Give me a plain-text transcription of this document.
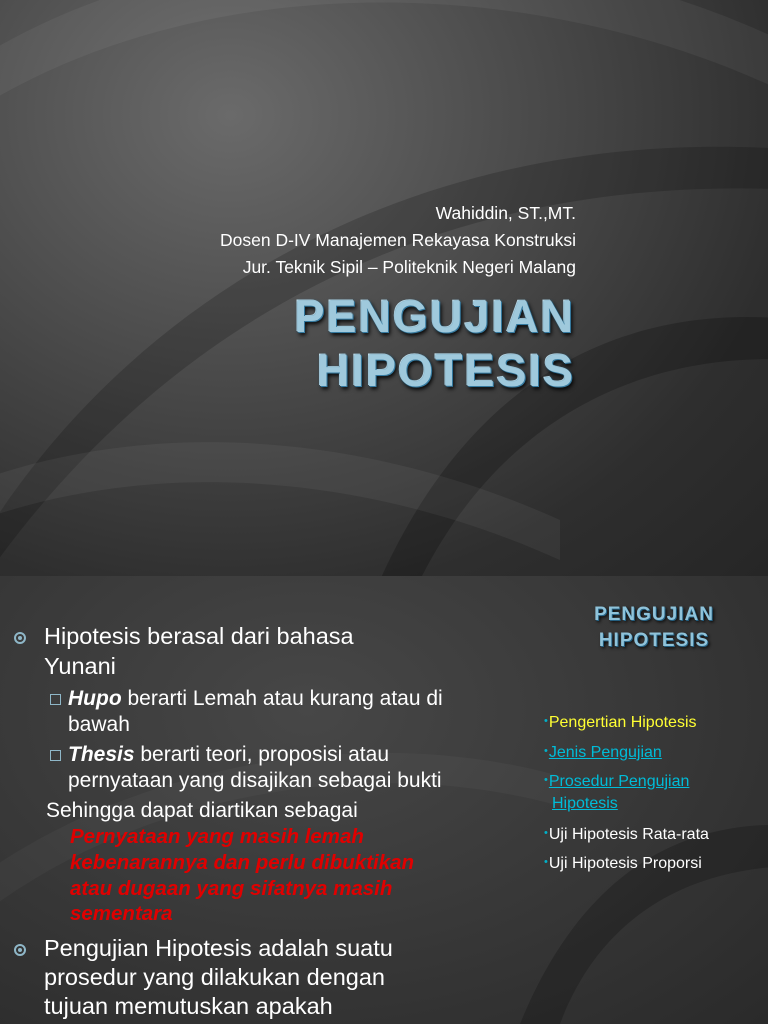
Wahiddin, ST.,MT.
Dosen D-IV Manajemen Rekayasa Konstruksi
Jur. Teknik Sipil – Politeknik Negeri Malang
PENGUJIAN
HIPOTESIS
Hipotesis berasal dari bahasa
Yunani
Hupo berarti Lemah atau kurang atau di
bawah
Thesis berarti teori, proposisi atau
pernyataan yang disajikan sebagai bukti
Sehingga dapat diartikan sebagai
Pernyataan yang masih lemah
kebenarannya dan perlu dibuktikan
atau dugaan yang sifatnya masih
sementara
Pengujian Hipotesis adalah suatu
prosedur yang dilakukan dengan
tujuan memutuskan apakah
PENGUJIAN
HIPOTESIS
•Pengertian Hipotesis
•Jenis Pengujian
•Prosedur Pengujian
Hipotesis
•Uji Hipotesis Rata-rata
•Uji Hipotesis Proporsi
